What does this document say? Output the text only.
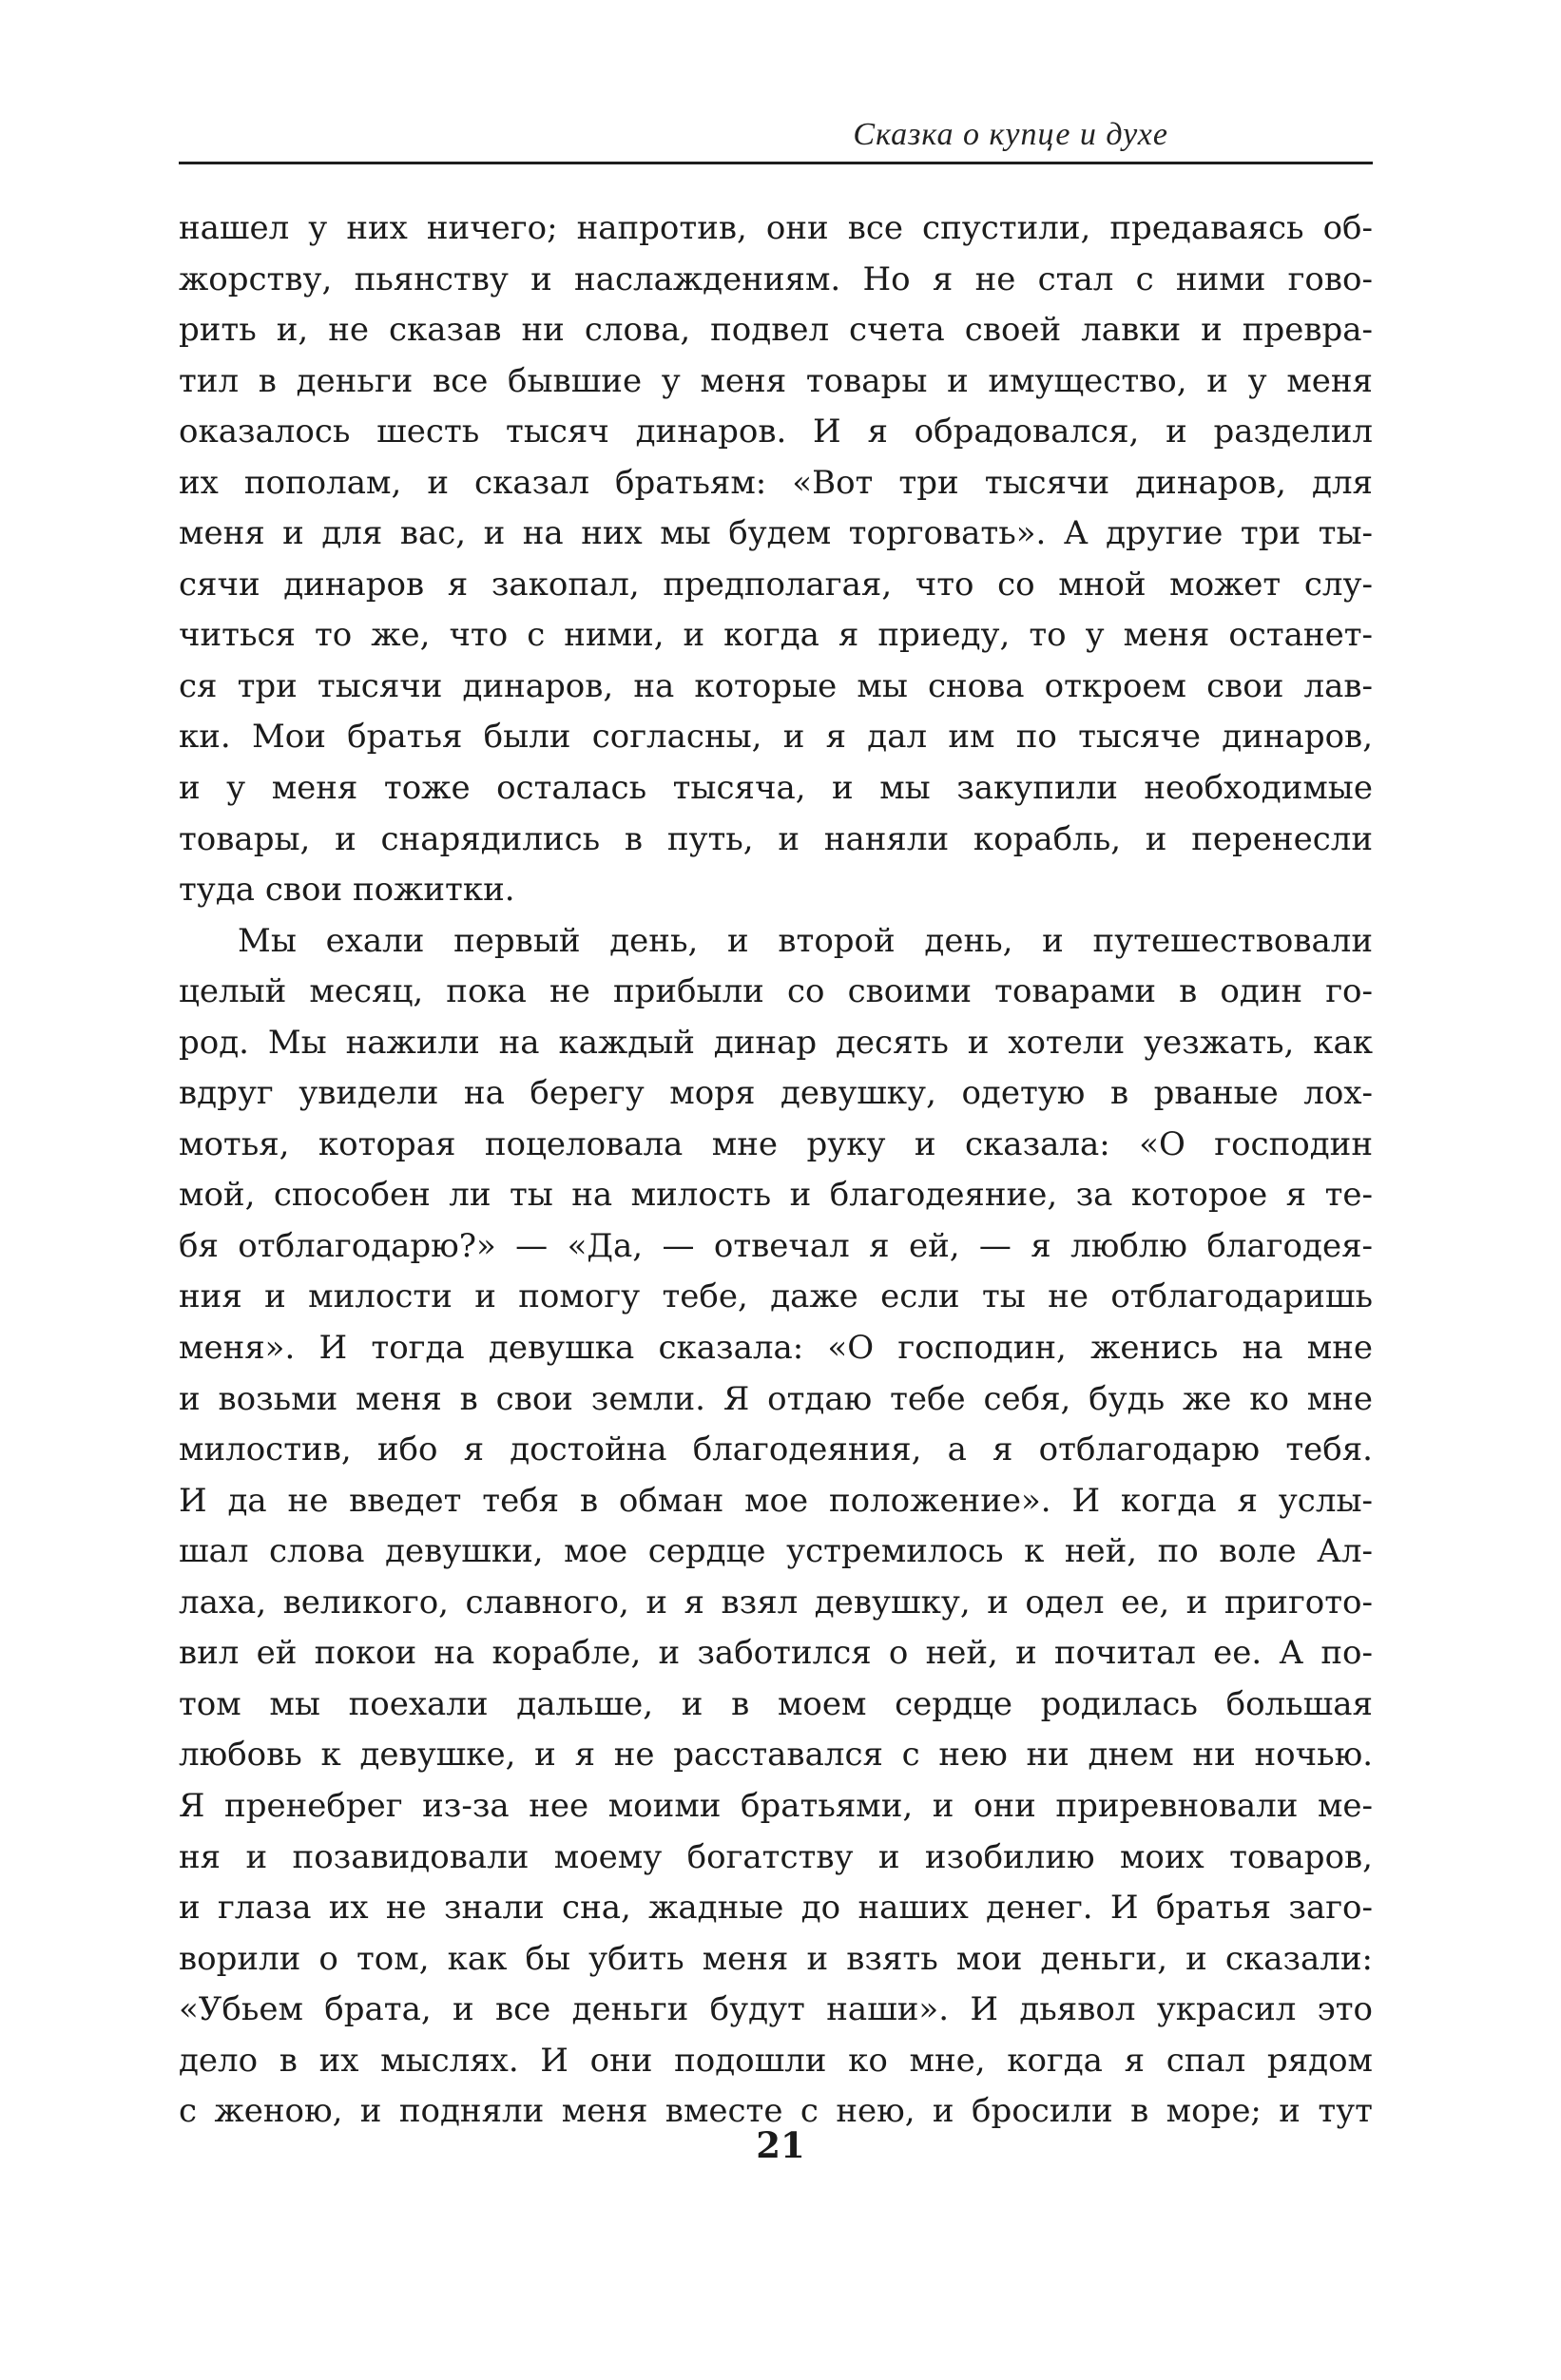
Сказка о купце и духе
нашел у них ничего; напротив, они все спустили, предаваясь об-
жорству, пьянству и наслаждениям. Но я не стал с ними гово-
рить и, не сказав ни слова, подвел счета своей лавки и превра-
тил в деньги все бывшие у меня товары и имущество, и у меня
оказалось шесть тысяч динаров. И я обрадовался, и разделил
их пополам, и сказал братьям: «Вот три тысячи динаров, для
меня и для вас, и на них мы будем торговать». А другие три ты-
сячи динаров я закопал, предполагая, что со мной может слу-
читься то же, что с ними, и когда я приеду, то у меня останет-
ся три тысячи динаров, на которые мы снова откроем свои лав-
ки. Мои братья были согласны, и я дал им по тысяче динаров,
и у меня тоже осталась тысяча, и мы закупили необходимые
товары, и снарядились в путь, и наняли корабль, и перенесли
туда свои пожитки.
Мы ехали первый день, и второй день, и путешествовали
целый месяц, пока не прибыли со своими товарами в один го-
род. Мы нажили на каждый динар десять и хотели уезжать, как
вдруг увидели на берегу моря девушку, одетую в рваные лох-
мотья, которая поцеловала мне руку и сказала: «О господин
мой, способен ли ты на милость и благодеяние, за которое я те-
бя отблагодарю?» — «Да, — отвечал я ей, — я люблю благодея-
ния и милости и помогу тебе, даже если ты не отблагодаришь
меня». И тогда девушка сказала: «О господин, женись на мне
и возьми меня в свои земли. Я отдаю тебе себя, будь же ко мне
милостив, ибо я достойна благодеяния, а я отблагодарю тебя.
И да не введет тебя в обман мое положение». И когда я услы-
шал слова девушки, мое сердце устремилось к ней, по воле Ал-
лаха, великого, славного, и я взял девушку, и одел ее, и пригото-
вил ей покои на корабле, и заботился о ней, и почитал ее. А по-
том мы поехали дальше, и в моем сердце родилась большая
любовь к девушке, и я не расставался с нею ни днем ни ночью.
Я пренебрег из-за нее моими братьями, и они приревновали ме-
ня и позавидовали моему богатству и изобилию моих товаров,
и глаза их не знали сна, жадные до наших денег. И братья заго-
ворили о том, как бы убить меня и взять мои деньги, и сказали:
«Убьем брата, и все деньги будут наши». И дьявол украсил это
дело в их мыслях. И они подошли ко мне, когда я спал рядом
с женою, и подняли меня вместе с нею, и бросили в море; и тут
21
